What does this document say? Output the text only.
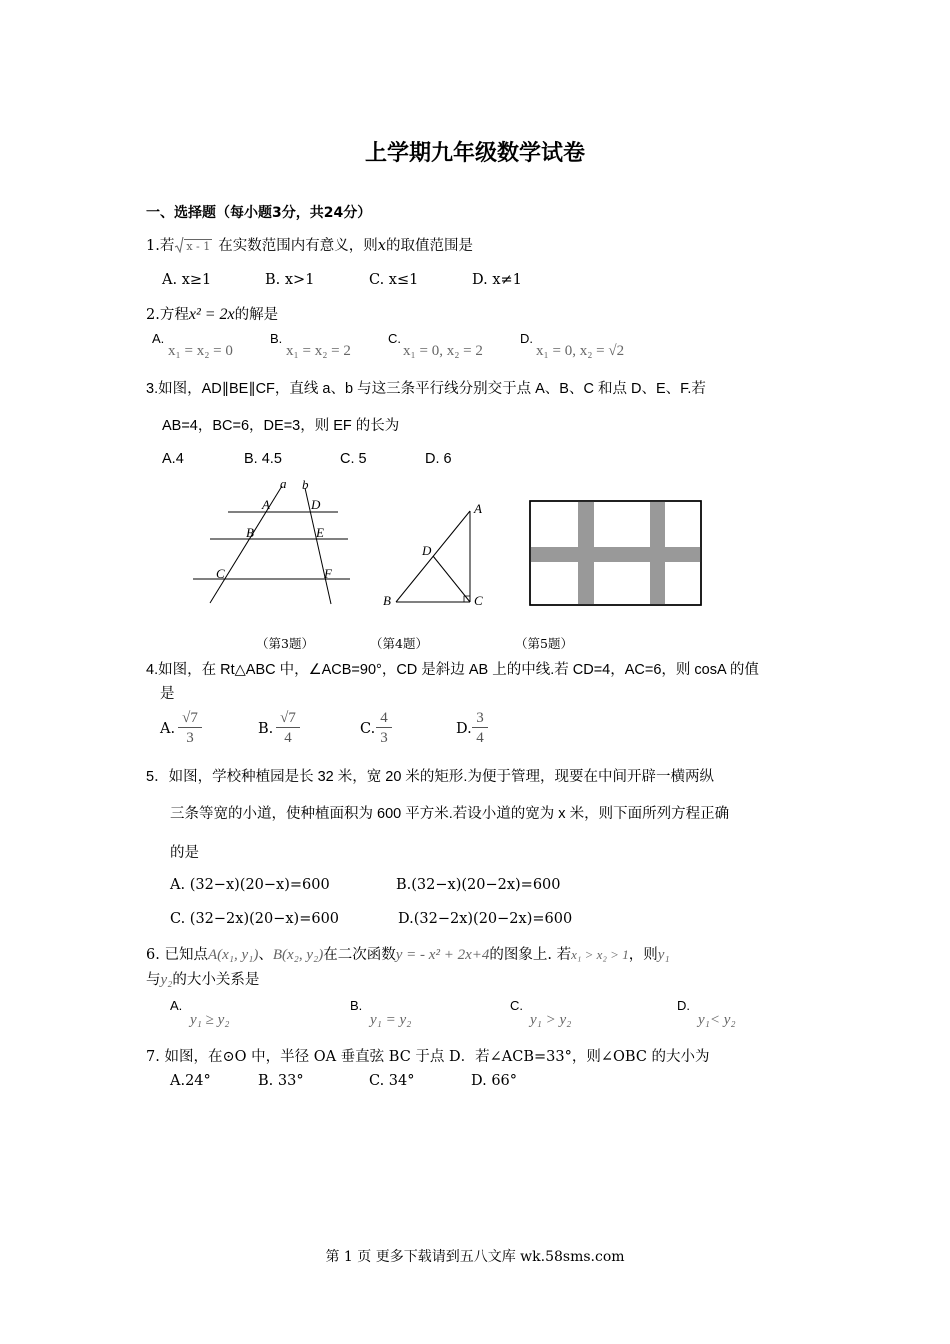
上学期九年级数学试卷
一、选择题（每小题3分，共24分）
1.若 x - 1 在实数范围内有意义，则x的取值范围是
A. x≥1	B. x>1	C. x≤1	D. x≠1
2.方程x² = 2x的解是
A.
x₁ = x₂ = 0
B.
x₁ = x₂ = 2
C.
x₁ = 0, x₂ = 2
D.
x₁ = 0, x₂ = √2
3.如图，AD∥BE∥CF，直线 a、b 与这三条平行线分别交于点 A、B、C 和点 D、E、F.若
AB=4，BC=6，DE=3，则 EF 的长为
A.4	B. 4.5	C. 5	D. 6
a b
A	D
B	E
C	F
A
D
B	C
（第3题）	（第4题）	（第5题）
4.如图，在 Rt△ABC 中，∠ACB=90°，CD 是斜边 AB 上的中线.若 CD=4，AC=6，则 cosA 的值
是
A. $\frac{√7}{3}$	B. $\frac{√7}{4}$	C. $\frac{4}{3}$	D. $\frac{3}{4}$
5．如图，学校种植园是长 32 米，宽 20 米的矩形.为便于管理，现要在中间开辟一横两纵
三条等宽的小道，使种植面积为 600 平方米.若设小道的宽为 x 米，则下面所列方程正确
的是
A. (32−x)(20−x)=600	B.(32−x)(20−2x)=600
C. (32−2x)(20−x)=600	D.(32−2x)(20−2x)=600
6. 已知点A(x₁, y₁)、B(x₂, y₂)在二次函数y = - x² + 2x+4的图象上. 若x₁ > x₂ > 1，则y₁
与y₂的大小关系是
A.
y₁ ≥ y₂
B.
y₁ = y₂
C.
y₁ > y₂
D.
y₁< y₂
7. 如图，在⊙O 中，半径 OA 垂直弦 BC 于点 D．若∠ACB=33°，则∠OBC 的大小为
A.24°	B. 33°	C. 34°	D. 66°
第 1 页 更多下载请到五八文库 wk.58sms.com
